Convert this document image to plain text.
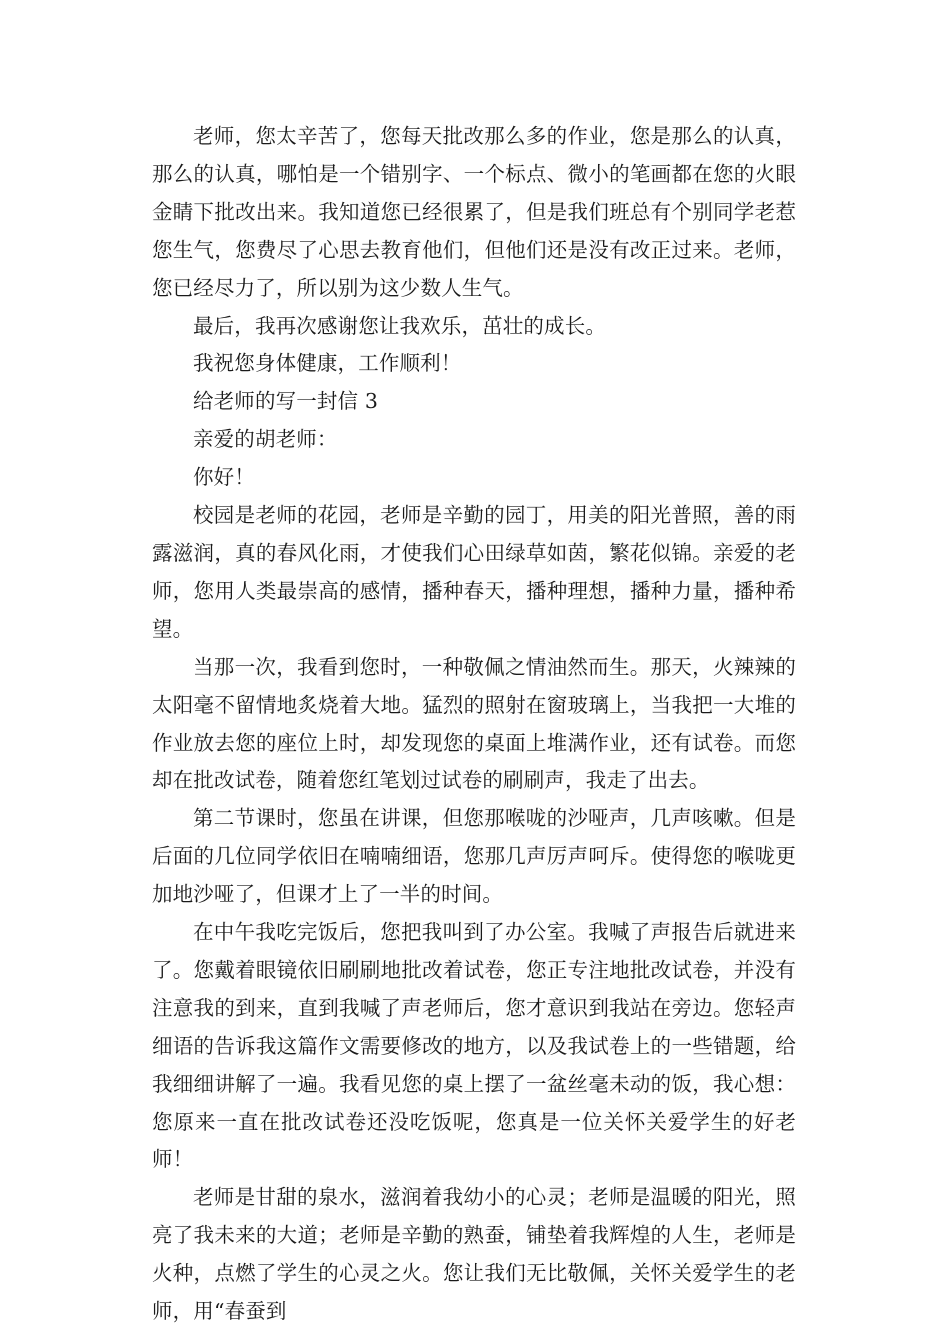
老师，您太辛苦了，您每天批改那么多的作业，您是那么的认真，那么的认真，哪怕是一个错别字、一个标点、微小的笔画都在您的火眼金睛下批改出来。我知道您已经很累了，但是我们班总有个别同学老惹您生气，您费尽了心思去教育他们，但他们还是没有改正过来。老师，您已经尽力了，所以别为这少数人生气。

最后，我再次感谢您让我欢乐，茁壮的成长。

我祝您身体健康，工作顺利！

给老师的写一封信 3

亲爱的胡老师：

你好！

校园是老师的花园，老师是辛勤的园丁，用美的阳光普照，善的雨露滋润，真的春风化雨，才使我们心田绿草如茵，繁花似锦。亲爱的老师，您用人类最崇高的感情，播种春天，播种理想，播种力量，播种希望。

当那一次，我看到您时，一种敬佩之情油然而生。那天，火辣辣的太阳毫不留情地炙烧着大地。猛烈的照射在窗玻璃上，当我把一大堆的作业放去您的座位上时，却发现您的桌面上堆满作业，还有试卷。而您却在批改试卷，随着您红笔划过试卷的刷刷声，我走了出去。

第二节课时，您虽在讲课，但您那喉咙的沙哑声，几声咳嗽。但是后面的几位同学依旧在喃喃细语，您那几声厉声呵斥。使得您的喉咙更加地沙哑了，但课才上了一半的时间。

在中午我吃完饭后，您把我叫到了办公室。我喊了声报告后就进来了。您戴着眼镜依旧刷刷地批改着试卷，您正专注地批改试卷，并没有注意我的到来，直到我喊了声老师后，您才意识到我站在旁边。您轻声细语的告诉我这篇作文需要修改的地方，以及我试卷上的一些错题，给我细细讲解了一遍。我看见您的桌上摆了一盆丝毫未动的饭，我心想：您原来一直在批改试卷还没吃饭呢，您真是一位关怀关爱学生的好老师！

老师是甘甜的泉水，滋润着我幼小的心灵；老师是温暖的阳光，照亮了我未来的大道；老师是辛勤的熟蚕，铺垫着我辉煌的人生，老师是火种，点燃了学生的心灵之火。您让我们无比敬佩，关怀关爱学生的老师，用“春蚕到
